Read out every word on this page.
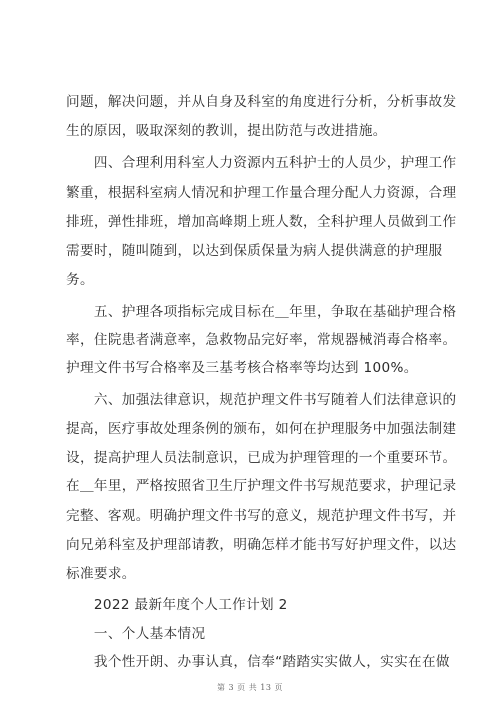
问题，解决问题，并从自身及科室的角度进行分析，分析事故发
生的原因，吸取深刻的教训，提出防范与改进措施。
　　四、合理利用科室人力资源内五科护士的人员少，护理工作
繁重，根据科室病人情况和护理工作量合理分配人力资源，合理
排班，弹性排班，增加高峰期上班人数，全科护理人员做到工作
需要时，随叫随到，以达到保质保量为病人提供满意的护理服
务。
　　五、护理各项指标完成目标在＿年里，争取在基础护理合格
率，住院患者满意率，急救物品完好率，常规器械消毒合格率。
护理文件书写合格率及三基考核合格率等均达到 100%。
　　六、加强法律意识，规范护理文件书写随着人们法律意识的
提高，医疗事故处理条例的颁布，如何在护理服务中加强法制建
设，提高护理人员法制意识，已成为护理管理的一个重要环节。
在＿年里，严格按照省卫生厅护理文件书写规范要求，护理记录
完整、客观。明确护理文件书写的意义，规范护理文件书写，并
向兄弟科室及护理部请教，明确怎样才能书写好护理文件，以达
标准要求。
　　2022 最新年度个人工作计划 2
　　一、个人基本情况
　　我个性开朗、办事认真，信奉“踏踏实实做人，实实在在做
第 3 页 共 13 页
